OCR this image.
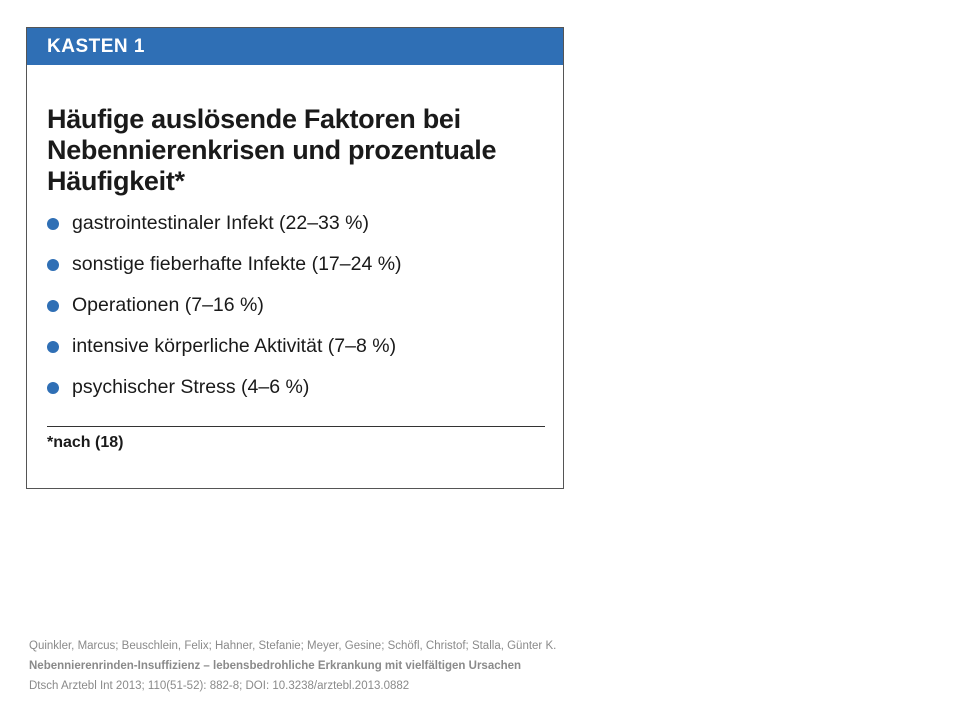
KASTEN 1
Häufige auslösende Faktoren bei Nebennierenkrisen und prozentuale Häufigkeit*
gastrointestinaler Infekt (22–33 %)
sonstige fieberhafte Infekte (17–24 %)
Operationen (7–16 %)
intensive körperliche Aktivität (7–8 %)
psychischer Stress (4–6 %)
*nach (18)
Quinkler, Marcus; Beuschlein, Felix; Hahner, Stefanie; Meyer, Gesine; Schöfl, Christof; Stalla, Günter K.
Nebennierenrinden-Insuffizienz – lebensbedrohliche Erkrankung mit vielfältigen Ursachen
Dtsch Arztebl Int 2013; 110(51-52): 882-8; DOI: 10.3238/arztebl.2013.0882
